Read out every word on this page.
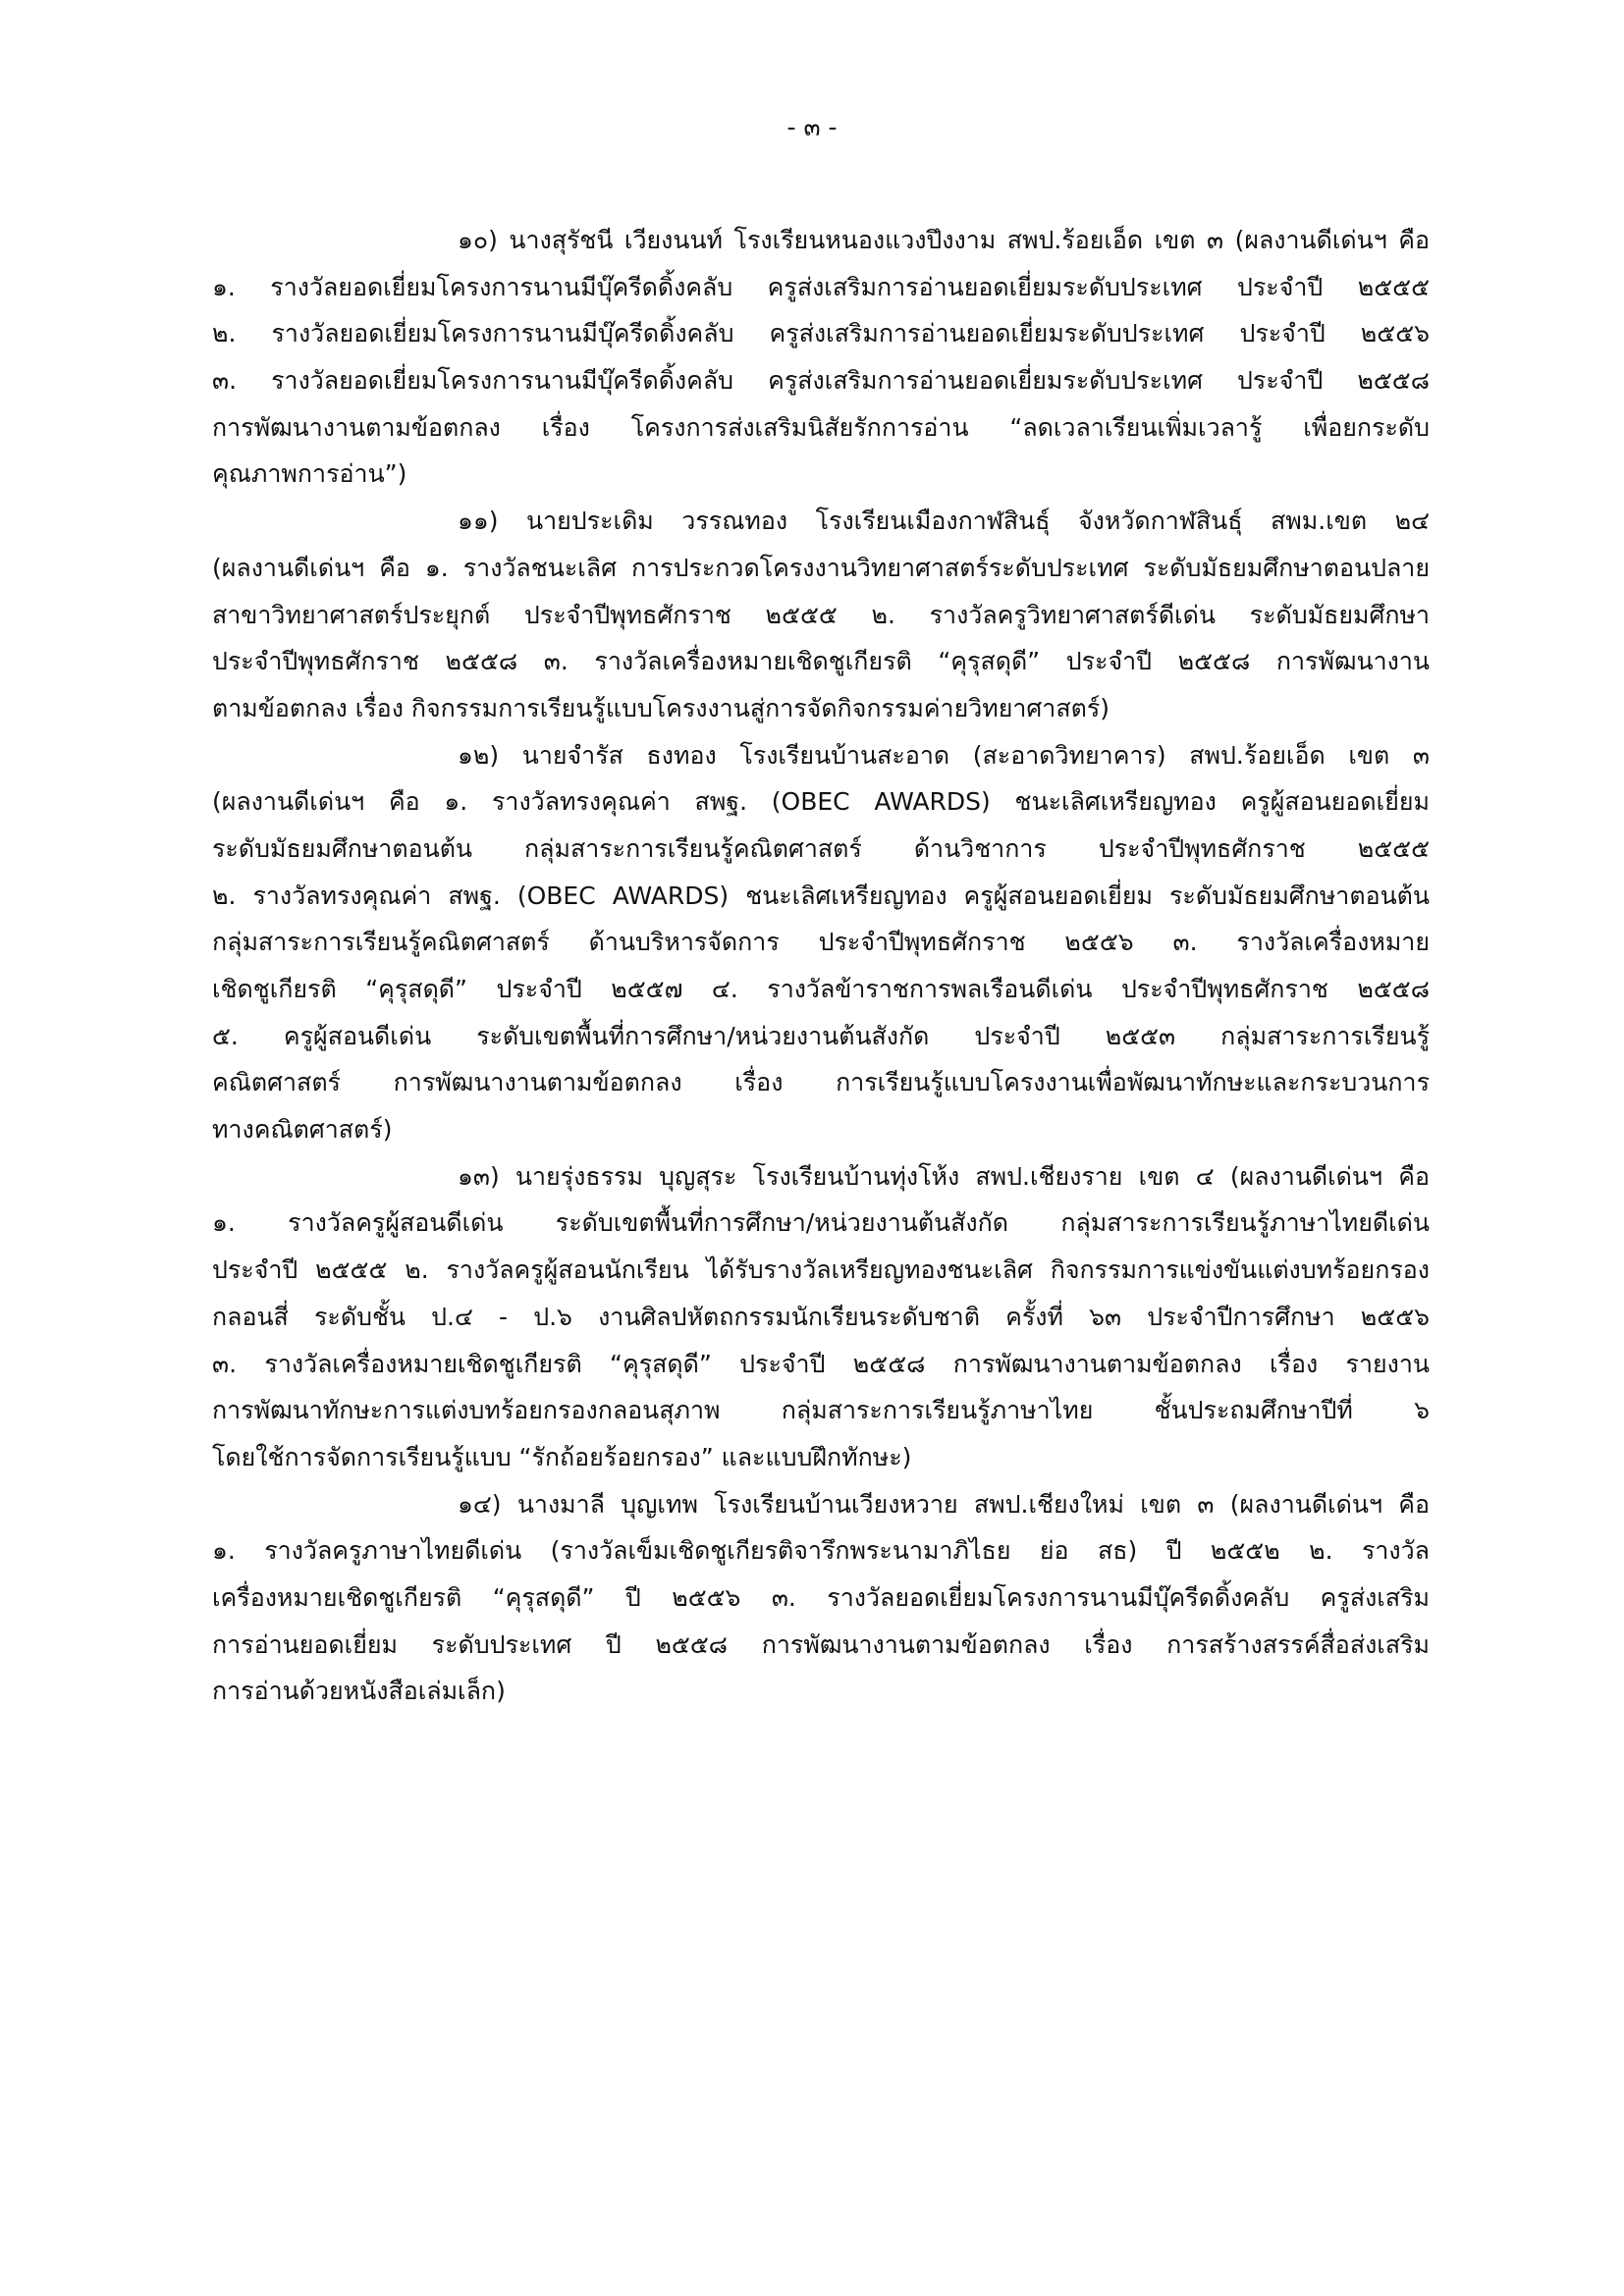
- ๓ -
๑๐) นางสุรัชนี เวียงนนท์ โรงเรียนหนองแวงปึงงาม สพป.ร้อยเอ็ด เขต ๓ (ผลงานดีเด่นฯ คือ
๑. รางวัลยอดเยี่ยมโครงการนานมีบุ๊ครีดดิ้งคลับ ครูส่งเสริมการอ่านยอดเยี่ยมระดับประเทศ ประจำปี ๒๕๕๕
๒. รางวัลยอดเยี่ยมโครงการนานมีบุ๊ครีดดิ้งคลับ ครูส่งเสริมการอ่านยอดเยี่ยมระดับประเทศ ประจำปี ๒๕๕๖
๓. รางวัลยอดเยี่ยมโครงการนานมีบุ๊ครีดดิ้งคลับ ครูส่งเสริมการอ่านยอดเยี่ยมระดับประเทศ ประจำปี ๒๕๕๘
การพัฒนางานตามข้อตกลง เรื่อง โครงการส่งเสริมนิสัยรักการอ่าน “ลดเวลาเรียนเพิ่มเวลารู้ เพื่อยกระดับ
คุณภาพการอ่าน”)
๑๑) นายประเดิม วรรณทอง โรงเรียนเมืองกาฬสินธุ์ จังหวัดกาฬสินธุ์ สพม.เขต ๒๔
(ผลงานดีเด่นฯ คือ ๑. รางวัลชนะเลิศ การประกวดโครงงานวิทยาศาสตร์ระดับประเทศ ระดับมัธยมศึกษาตอนปลาย
สาขาวิทยาศาสตร์ประยุกต์ ประจำปีพุทธศักราช ๒๕๕๕ ๒. รางวัลครูวิทยาศาสตร์ดีเด่น ระดับมัธยมศึกษา
ประจำปีพุทธศักราช ๒๕๕๘ ๓. รางวัลเครื่องหมายเชิดชูเกียรติ “คุรุสดุดี” ประจำปี ๒๕๕๘ การพัฒนางาน
ตามข้อตกลง เรื่อง กิจกรรมการเรียนรู้แบบโครงงานสู่การจัดกิจกรรมค่ายวิทยาศาสตร์)
๑๒) นายจำรัส ธงทอง โรงเรียนบ้านสะอาด (สะอาดวิทยาคาร) สพป.ร้อยเอ็ด เขต ๓
(ผลงานดีเด่นฯ คือ ๑. รางวัลทรงคุณค่า สพฐ. (OBEC AWARDS) ชนะเลิศเหรียญทอง ครูผู้สอนยอดเยี่ยม
ระดับมัธยมศึกษาตอนต้น กลุ่มสาระการเรียนรู้คณิตศาสตร์ ด้านวิชาการ ประจำปีพุทธศักราช ๒๕๕๕
๒. รางวัลทรงคุณค่า สพฐ. (OBEC AWARDS) ชนะเลิศเหรียญทอง ครูผู้สอนยอดเยี่ยม ระดับมัธยมศึกษาตอนต้น
กลุ่มสาระการเรียนรู้คณิตศาสตร์ ด้านบริหารจัดการ ประจำปีพุทธศักราช ๒๕๕๖ ๓. รางวัลเครื่องหมาย
เชิดชูเกียรติ “คุรุสดุดี” ประจำปี ๒๕๕๗ ๔. รางวัลข้าราชการพลเรือนดีเด่น ประจำปีพุทธศักราช ๒๕๕๘
๕. ครูผู้สอนดีเด่น ระดับเขตพื้นที่การศึกษา/หน่วยงานต้นสังกัด ประจำปี ๒๕๕๓ กลุ่มสาระการเรียนรู้
คณิตศาสตร์ การพัฒนางานตามข้อตกลง เรื่อง การเรียนรู้แบบโครงงานเพื่อพัฒนาทักษะและกระบวนการ
ทางคณิตศาสตร์)
๑๓) นายรุ่งธรรม บุญสุระ โรงเรียนบ้านทุ่งโห้ง สพป.เชียงราย เขต ๔ (ผลงานดีเด่นฯ คือ
๑. รางวัลครูผู้สอนดีเด่น ระดับเขตพื้นที่การศึกษา/หน่วยงานต้นสังกัด กลุ่มสาระการเรียนรู้ภาษาไทยดีเด่น
ประจำปี ๒๕๕๕ ๒. รางวัลครูผู้สอนนักเรียน ได้รับรางวัลเหรียญทองชนะเลิศ กิจกรรมการแข่งขันแต่งบทร้อยกรอง
กลอนสี่ ระดับชั้น ป.๔ - ป.๖ งานศิลปหัตถกรรมนักเรียนระดับชาติ ครั้งที่ ๖๓ ประจำปีการศึกษา ๒๕๕๖
๓. รางวัลเครื่องหมายเชิดชูเกียรติ “คุรุสดุดี” ประจำปี ๒๕๕๘ การพัฒนางานตามข้อตกลง เรื่อง รายงาน
การพัฒนาทักษะการแต่งบทร้อยกรองกลอนสุภาพ กลุ่มสาระการเรียนรู้ภาษาไทย ชั้นประถมศึกษาปีที่ ๖
โดยใช้การจัดการเรียนรู้แบบ “รักถ้อยร้อยกรอง” และแบบฝึกทักษะ)
๑๔) นางมาลี บุญเทพ โรงเรียนบ้านเวียงหวาย สพป.เชียงใหม่ เขต ๓ (ผลงานดีเด่นฯ คือ
๑. รางวัลครูภาษาไทยดีเด่น (รางวัลเข็มเชิดชูเกียรติจารึกพระนามาภิไธย ย่อ สธ) ปี ๒๕๕๒ ๒. รางวัล
เครื่องหมายเชิดชูเกียรติ “คุรุสดุดี” ปี ๒๕๕๖ ๓. รางวัลยอดเยี่ยมโครงการนานมีบุ๊ครีดดิ้งคลับ ครูส่งเสริม
การอ่านยอดเยี่ยม ระดับประเทศ ปี ๒๕๕๘ การพัฒนางานตามข้อตกลง เรื่อง การสร้างสรรค์สื่อส่งเสริม
การอ่านด้วยหนังสือเล่มเล็ก)
